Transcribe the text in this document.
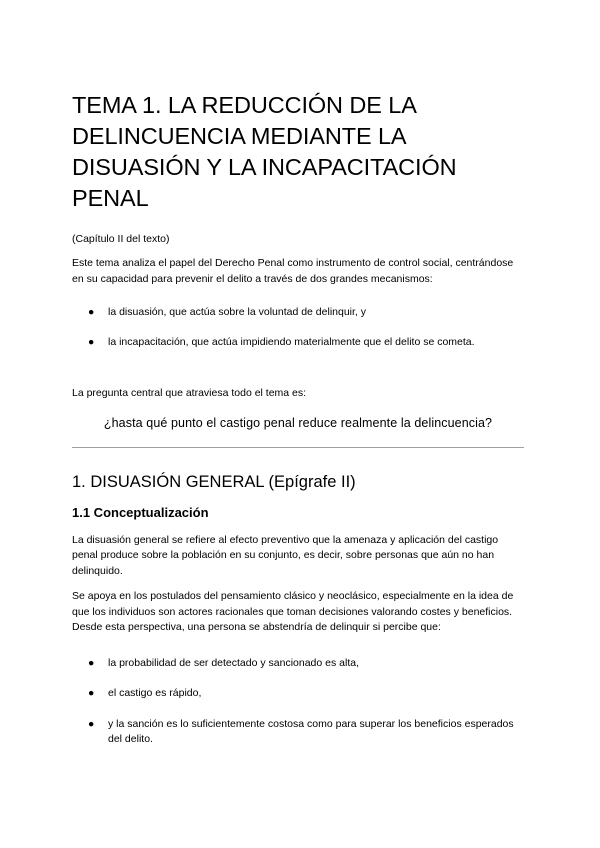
TEMA 1. LA REDUCCIÓN DE LA DELINCUENCIA MEDIANTE LA DISUASIÓN Y LA INCAPACITACIÓN PENAL
(Capítulo II del texto)

Este tema analiza el papel del Derecho Penal como instrumento de control social, centrándose en su capacidad para prevenir el delito a través de dos grandes mecanismos:

● la disuasión, que actúa sobre la voluntad de delinquir, y
● la incapacitación, que actúa impidiendo materialmente que el delito se cometa.

La pregunta central que atraviesa todo el tema es:

¿hasta qué punto el castigo penal reduce realmente la delincuencia?
1. DISUASIÓN GENERAL (Epígrafe II)
1.1 Conceptualización

La disuasión general se refiere al efecto preventivo que la amenaza y aplicación del castigo penal produce sobre la población en su conjunto, es decir, sobre personas que aún no han delinquido.

Se apoya en los postulados del pensamiento clásico y neoclásico, especialmente en la idea de que los individuos son actores racionales que toman decisiones valorando costes y beneficios. Desde esta perspectiva, una persona se abstendría de delinquir si percibe que:

● la probabilidad de ser detectado y sancionado es alta,
● el castigo es rápido,
● y la sanción es lo suficientemente costosa como para superar los beneficios esperados del delito.
